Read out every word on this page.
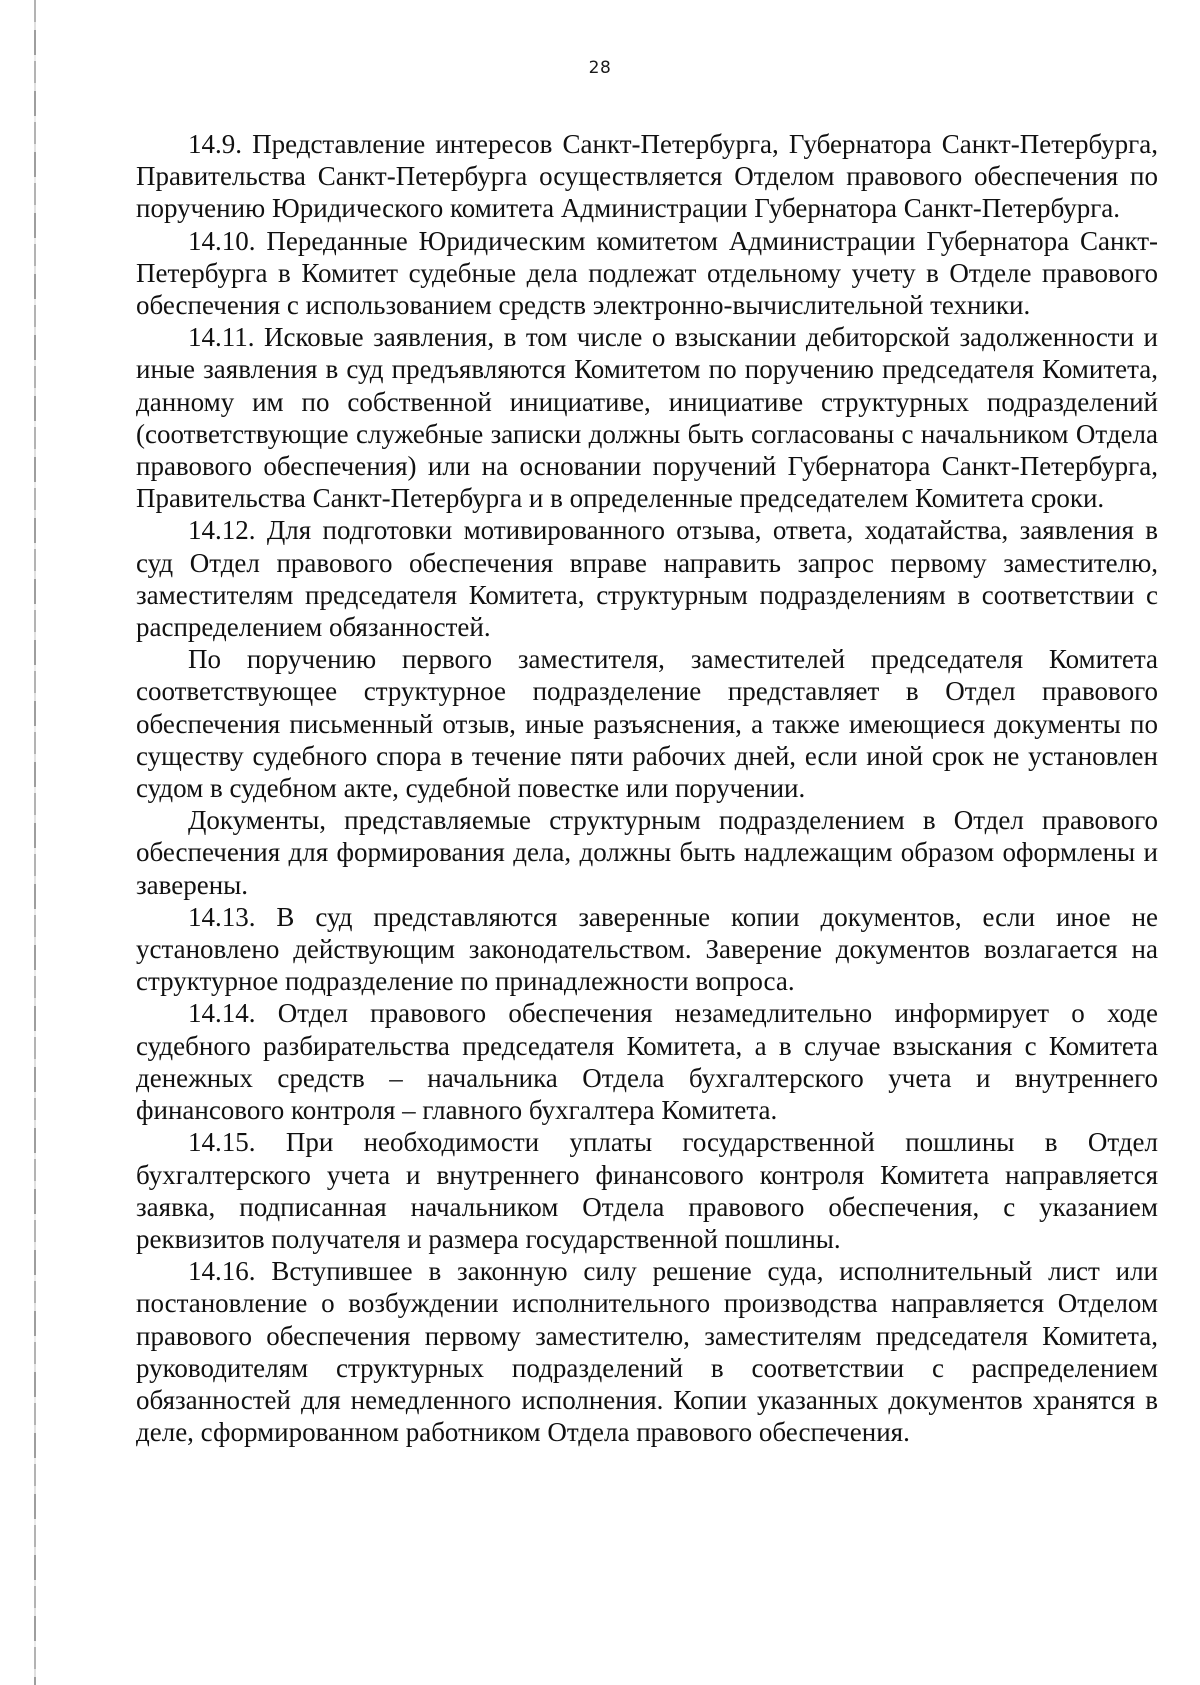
28

14.9. Представление интересов Санкт-Петербурга, Губернатора Санкт-Петербурга, Правительства Санкт-Петербурга осуществляется Отделом правового обеспечения по поручению Юридического комитета Администрации Губернатора Санкт-Петербурга.

14.10. Переданные Юридическим комитетом Администрации Губернатора Санкт-Петербурга в Комитет судебные дела подлежат отдельному учету в Отделе правового обеспечения с использованием средств электронно-вычислительной техники.

14.11. Исковые заявления, в том числе о взыскании дебиторской задолженности и иные заявления в суд предъявляются Комитетом по поручению председателя Комитета, данному им по собственной инициативе, инициативе структурных подразделений (соответствующие служебные записки должны быть согласованы с начальником Отдела правового обеспечения) или на основании поручений Губернатора Санкт-Петербурга, Правительства Санкт-Петербурга и в определенные председателем Комитета сроки.

14.12. Для подготовки мотивированного отзыва, ответа, ходатайства, заявления в суд Отдел правового обеспечения вправе направить запрос первому заместителю, заместителям председателя Комитета, структурным подразделениям в соответствии с распределением обязанностей.

По поручению первого заместителя, заместителей председателя Комитета соответствующее структурное подразделение представляет в Отдел правового обеспечения письменный отзыв, иные разъяснения, а также имеющиеся документы по существу судебного спора в течение пяти рабочих дней, если иной срок не установлен судом в судебном акте, судебной повестке или поручении.

Документы, представляемые структурным подразделением в Отдел правового обеспечения для формирования дела, должны быть надлежащим образом оформлены и заверены.

14.13. В суд представляются заверенные копии документов, если иное не установлено действующим законодательством. Заверение документов возлагается на структурное подразделение по принадлежности вопроса.

14.14. Отдел правового обеспечения незамедлительно информирует о ходе судебного разбирательства председателя Комитета, а в случае взыскания с Комитета денежных средств – начальника Отдела бухгалтерского учета и внутреннего финансового контроля – главного бухгалтера Комитета.

14.15. При необходимости уплаты государственной пошлины в Отдел бухгалтерского учета и внутреннего финансового контроля Комитета направляется заявка, подписанная начальником Отдела правового обеспечения, с указанием реквизитов получателя и размера государственной пошлины.

14.16. Вступившее в законную силу решение суда, исполнительный лист или постановление о возбуждении исполнительного производства направляется Отделом правового обеспечения первому заместителю, заместителям председателя Комитета, руководителям структурных подразделений в соответствии с распределением обязанностей для немедленного исполнения. Копии указанных документов хранятся в деле, сформированном работником Отдела правового обеспечения.
